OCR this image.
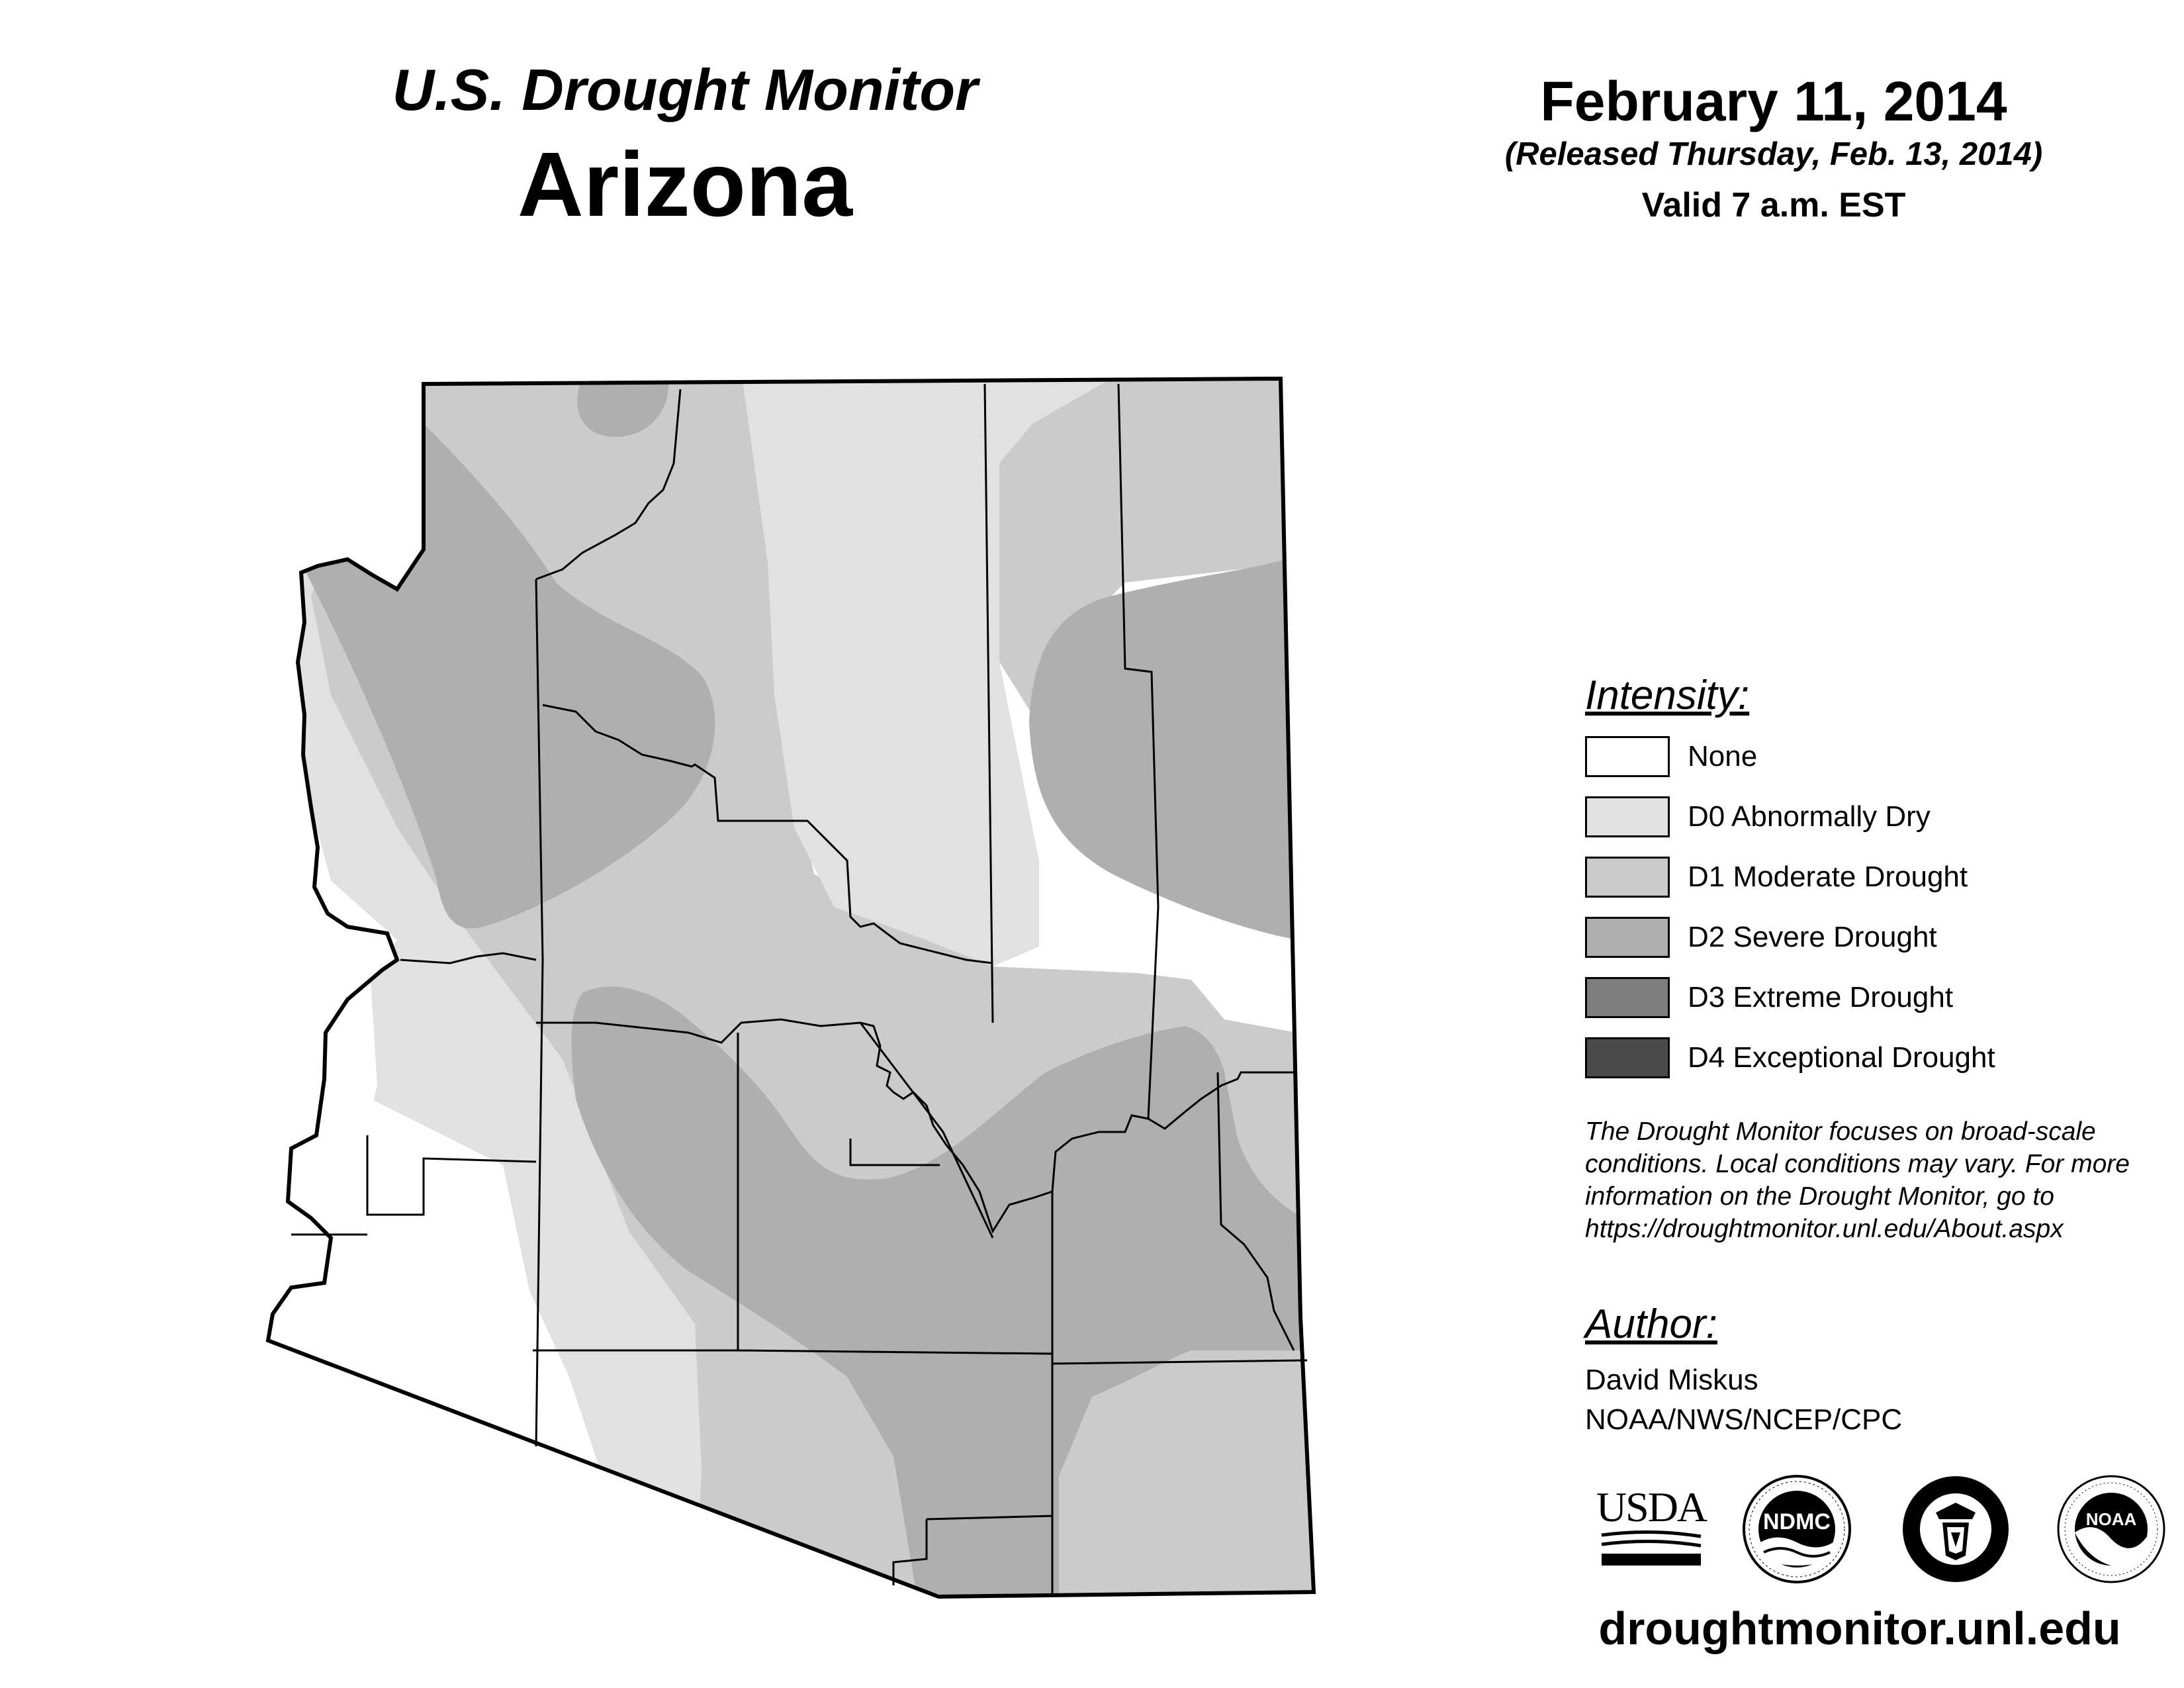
U.S. Drought Monitor
Arizona
February 11, 2014
(Released Thursday, Feb. 13, 2014)
Valid 7 a.m. EST
Intensity:
None
D0 Abnormally Dry
D1 Moderate Drought
D2 Severe Drought
D3 Extreme Drought
D4 Exceptional Drought
The Drought Monitor focuses on broad-scale conditions. Local conditions may vary. For more information on the Drought Monitor, go to https://droughtmonitor.unl.edu/About.aspx
Author:
David Miskus
NOAA/NWS/NCEP/CPC
USDA	NDMC	NOAA
droughtmonitor.unl.edu
